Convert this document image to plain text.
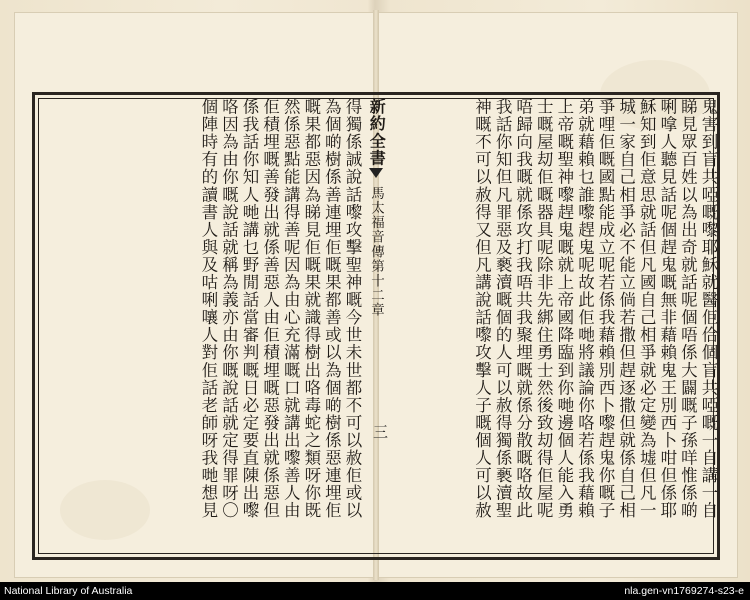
鬼害到盲共啞嘅嚟耶穌就醫佢佮個盲共啞嘅一自講一自
睇見眾百姓以為出奇就話呢個唔係大闢嘅子孫咩惟係啲
唎嗱人聽見話呢個趕鬼嘅無非藉賴鬼王別西卜咁但係耶
穌知到佢意思就話但凡國自己相爭就必定變為墟但凡一
城一家自己相爭必不能立倘若撒但趕逐撒但就係自己相
爭哩佢嘅國點能成立呢若係我藉賴別西卜嚟趕鬼你嘅子
弟就藉賴乜誰嚟趕鬼呢故此佢哋將議論你咯若係我藉賴
上帝嘅聖神嚟趕鬼嘅就上帝國降臨到你哋邊個人能入勇
士嘅屋刧佢嘅器具呢除非先綁住勇士然後致刧得佢屋呢
唔歸向我嘅就係攻打我唔共我聚埋嘅就係分散嘅咯故此
我話你知但凡罪惡及褻瀆嘅個的人可以赦得獨係褻瀆聖
神嘅不可以赦得又但凡講說話嚟攻擊人子嘅個人可以赦
新約全書
馬太福音傳第十二章
三
得獨係誠說話嚟攻擊聖神嘅今世未世都不可以赦佢或以
為個啲樹係善連埋佢嘅果都善或以為個啲樹係惡連埋佢
嘅果都惡因為睇見佢嘅果就識得樹出咯毒蛇之類呀你既
然係惡點能講得善呢因為由心充滿嘅口就講出嚟善人由
佢積埋嘅善發出就係善惡人由佢積埋嘅惡發出就係惡但
係我話你知人哋講乜野閒話當審判嘅日必定要直陳出嚟
咯因為由你嘅說話就稱為義亦由你嘅說話就定得罪呀〇
個陣時有的讀書人與及咕唎嚷人對佢話老師呀我哋想見
National Library of Australia	nla.gen-vn1769274-s23-e
